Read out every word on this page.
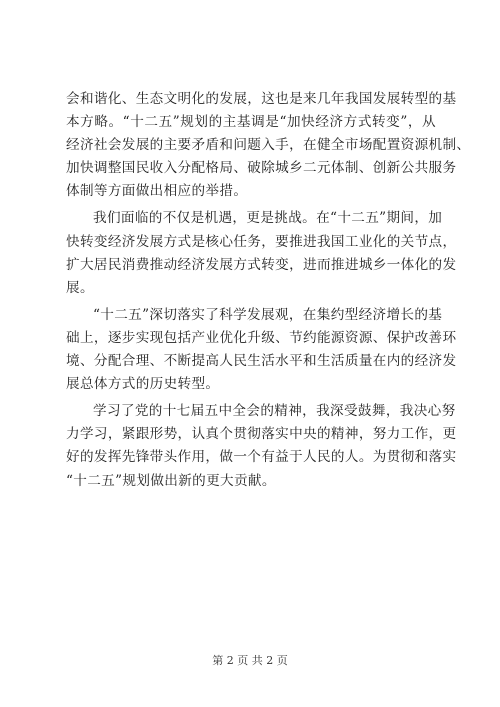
会和谐化、生态文明化的发展，这也是来几年我国发展转型的基
本方略。“十二五”规划的主基调是“加快经济方式转变”，从
经济社会发展的主要矛盾和问题入手，在健全市场配置资源机制、
加快调整国民收入分配格局、破除城乡二元体制、创新公共服务
体制等方面做出相应的举措。
我们面临的不仅是机遇，更是挑战。在“十二五”期间，加
快转变经济发展方式是核心任务，要推进我国工业化的关节点，
扩大居民消费推动经济发展方式转变，进而推进城乡一体化的发
展。
“十二五”深切落实了科学发展观，在集约型经济增长的基
础上，逐步实现包括产业优化升级、节约能源资源、保护改善环
境、分配合理、不断提高人民生活水平和生活质量在内的经济发
展总体方式的历史转型。
学习了党的十七届五中全会的精神，我深受鼓舞，我决心努
力学习，紧跟形势，认真个贯彻落实中央的精神，努力工作，更
好的发挥先锋带头作用，做一个有益于人民的人。为贯彻和落实
“十二五”规划做出新的更大贡献。
第 2 页 共 2 页
